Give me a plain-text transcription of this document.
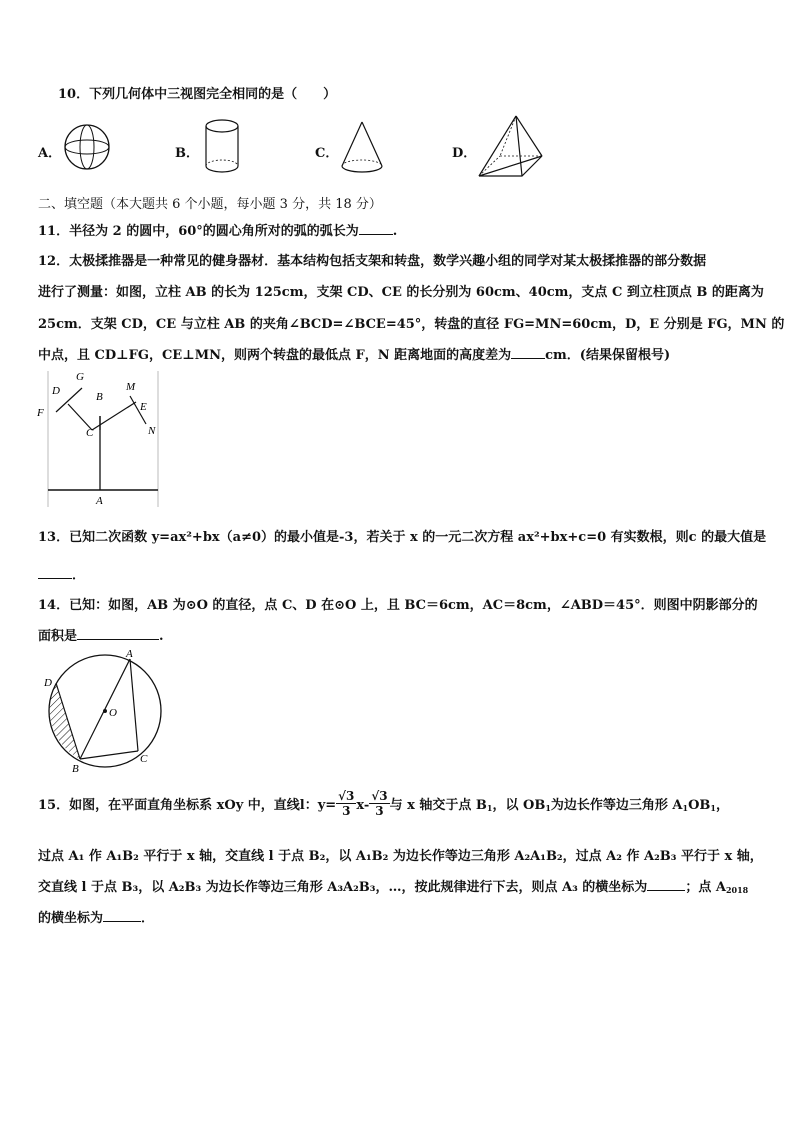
10．下列几何体中三视图完全相同的是（　　）
A．	B．	C．	D．
二、填空题（本大题共 6 个小题，每小题 3 分，共 18 分）
11．半径为 2 的圆中，60°的圆心角所对的弧的弧长为	.
12．太极揉推器是一种常见的健身器材．基本结构包括支架和转盘，数学兴趣小组的同学对某太极揉推器的部分数据
进行了测量：如图，立柱 AB 的长为 125cm，支架 CD、CE 的长分别为 60cm、40cm，支点 C 到立柱顶点 B 的距离为
25cm．支架 CD，CE 与立柱 AB 的夹角∠BCD=∠BCE=45°，转盘的直径 FG=MN=60cm，D，E 分别是 FG，MN 的
中点，且 CD⊥FG，CE⊥MN，则两个转盘的最低点 F，N 距离地面的高度差为	cm．(结果保留根号)
D
G
F
B
C
M
E
N
A
13．已知二次函数 y=ax²+bx（a≠0）的最小值是-3，若关于 x 的一元二次方程 ax²+bx+c=0 有实数根，则c 的最大值是
．
14．已知：如图，AB 为⊙O 的直径，点 C、D 在⊙O 上，且 BC＝6cm，AC＝8cm，∠ABD＝45°．则图中阴影部分的
面积是	.
A
D
O
B
C
15．如图，在平面直角坐标系 xOy 中，直线l：$y= \frac{√3}{3} x- \frac{√3}{3}$ 与 x 轴交于点 $B_1$，以 $OB_1$为边长作等边三角形 $A_1OB_1$，
过点 A₁ 作 A₁B₂ 平行于 x 轴，交直线 l 于点 B₂，以 A₁B₂ 为边长作等边三角形 A₂A₁B₂，过点 A₂ 作 A₂B₃ 平行于 x 轴，
交直线 l 于点 B₃，以 A₂B₃ 为边长作等边三角形 A₃A₂B₃，…，按此规律进行下去，则点 A₃ 的横坐标为	；点 $A_{2018}$
的横坐标为	．
